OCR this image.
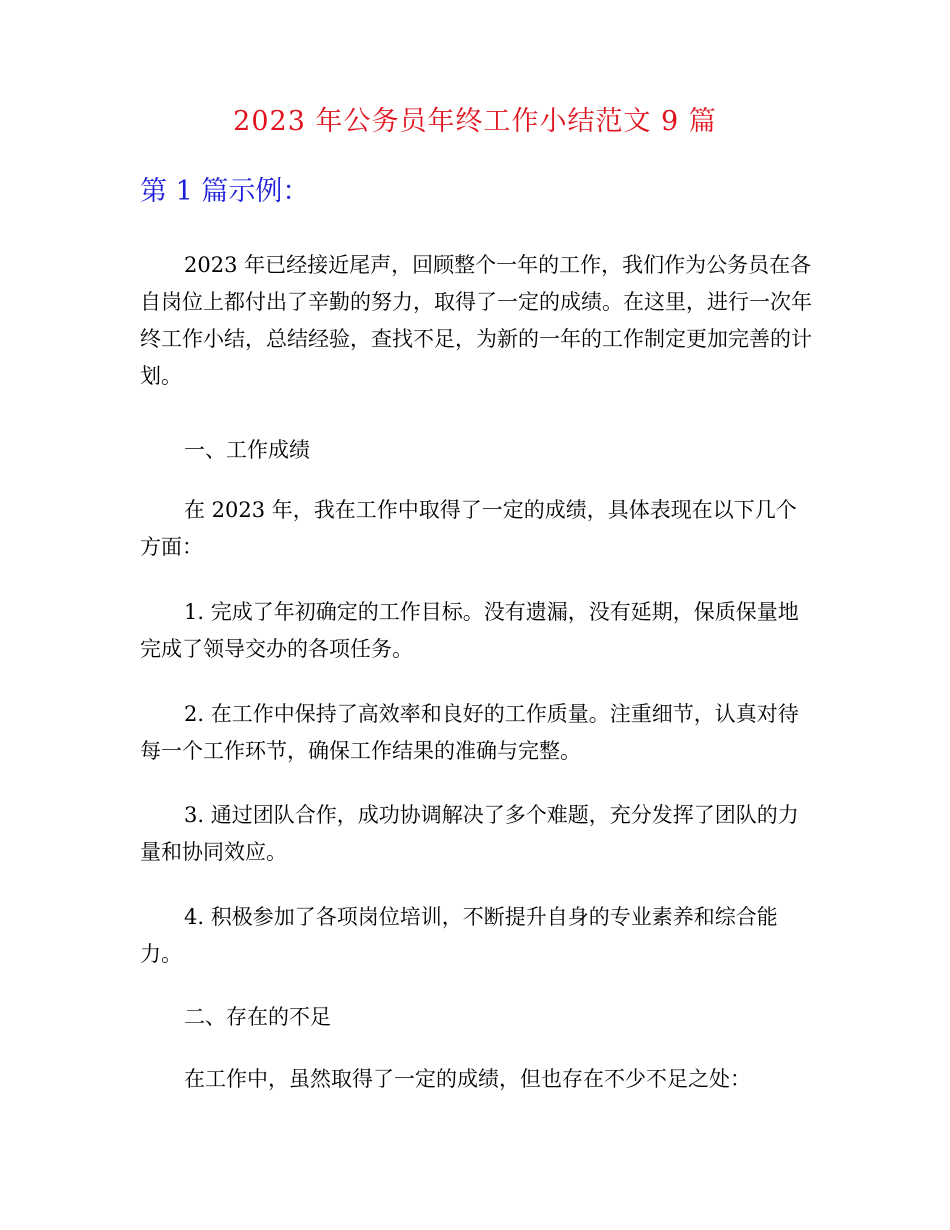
2023 年公务员年终工作小结范文 9 篇
第 1 篇示例：

2023 年已经接近尾声，回顾整个一年的工作，我们作为公务员在各自岗位上都付出了辛勤的努力，取得了一定的成绩。在这里，进行一次年终工作小结，总结经验，查找不足，为新的一年的工作制定更加完善的计划。

一、工作成绩

在 2023 年，我在工作中取得了一定的成绩，具体表现在以下几个方面：

1. 完成了年初确定的工作目标。没有遗漏，没有延期，保质保量地完成了领导交办的各项任务。

2. 在工作中保持了高效率和良好的工作质量。注重细节，认真对待每一个工作环节，确保工作结果的准确与完整。

3. 通过团队合作，成功协调解决了多个难题，充分发挥了团队的力量和协同效应。

4. 积极参加了各项岗位培训，不断提升自身的专业素养和综合能力。

二、存在的不足

在工作中，虽然取得了一定的成绩，但也存在不少不足之处：
